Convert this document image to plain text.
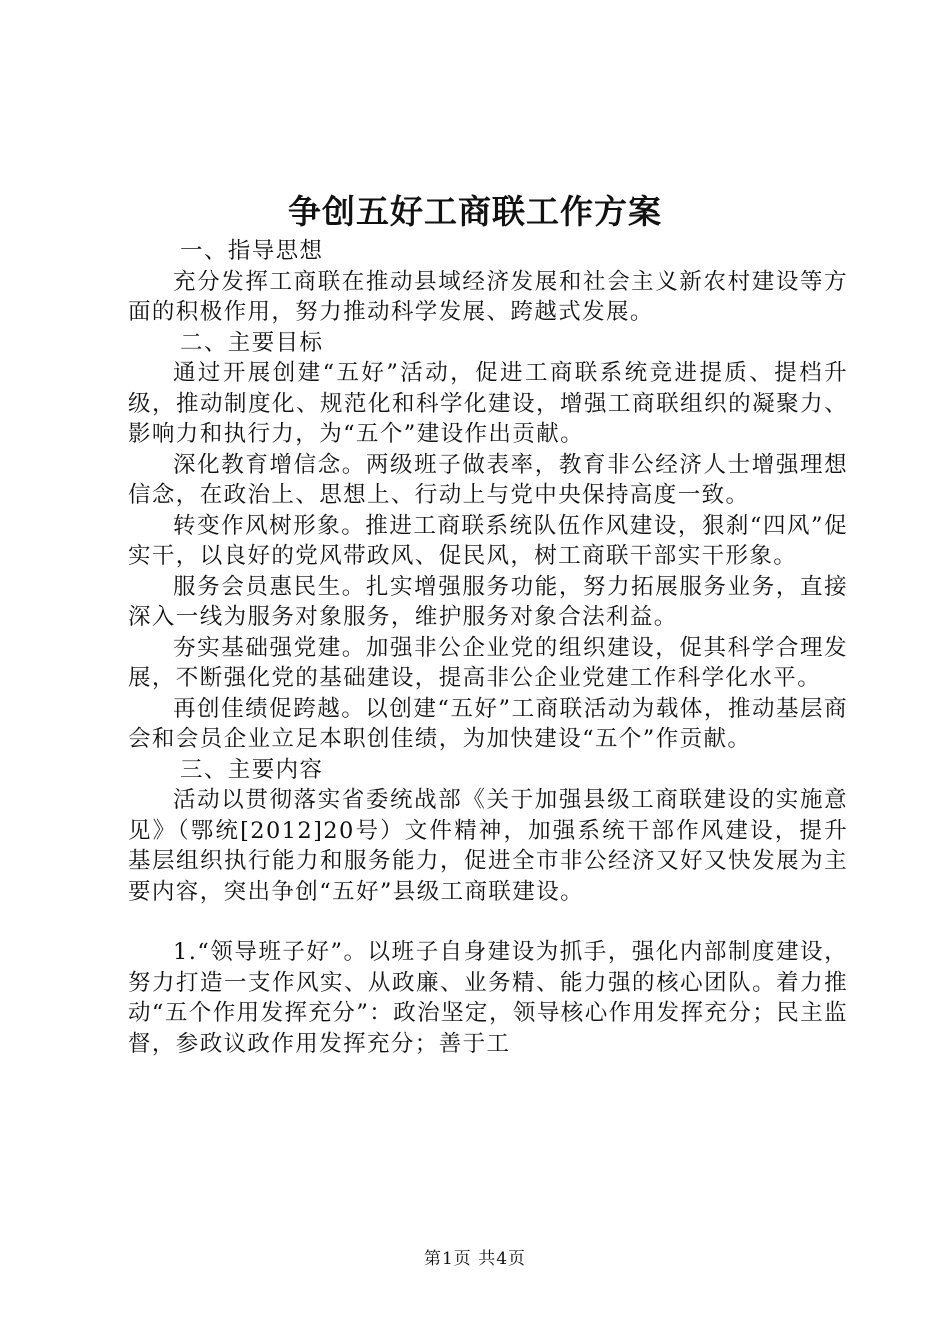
争创五好工商联工作方案

一、指导思想

充分发挥工商联在推动县域经济发展和社会主义新农村建设等方面的积极作用，努力推动科学发展、跨越式发展。

二、主要目标

通过开展创建“五好”活动，促进工商联系统竞进提质、提档升级，推动制度化、规范化和科学化建设，增强工商联组织的凝聚力、影响力和执行力，为“五个”建设作出贡献。

深化教育增信念。两级班子做表率，教育非公经济人士增强理想信念，在政治上、思想上、行动上与党中央保持高度一致。

转变作风树形象。推进工商联系统队伍作风建设，狠刹“四风”促实干，以良好的党风带政风、促民风，树工商联干部实干形象。

服务会员惠民生。扎实增强服务功能，努力拓展服务业务，直接深入一线为服务对象服务，维护服务对象合法利益。

夯实基础强党建。加强非公企业党的组织建设，促其科学合理发展，不断强化党的基础建设，提高非公企业党建工作科学化水平。

再创佳绩促跨越。以创建“五好”工商联活动为载体，推动基层商会和会员企业立足本职创佳绩，为加快建设“五个”作贡献。

三、主要内容

活动以贯彻落实省委统战部《关于加强县级工商联建设的实施意见》（鄂统[2012]20号）文件精神，加强系统干部作风建设，提升基层组织执行能力和服务能力，促进全市非公经济又好又快发展为主要内容，突出争创“五好”县级工商联建设。

1.“领导班子好”。以班子自身建设为抓手，强化内部制度建设，努力打造一支作风实、从政廉、业务精、能力强的核心团队。着力推动“五个作用发挥充分”：政治坚定，领导核心作用发挥充分；民主监督，参政议政作用发挥充分；善于工

第1页 共4页
